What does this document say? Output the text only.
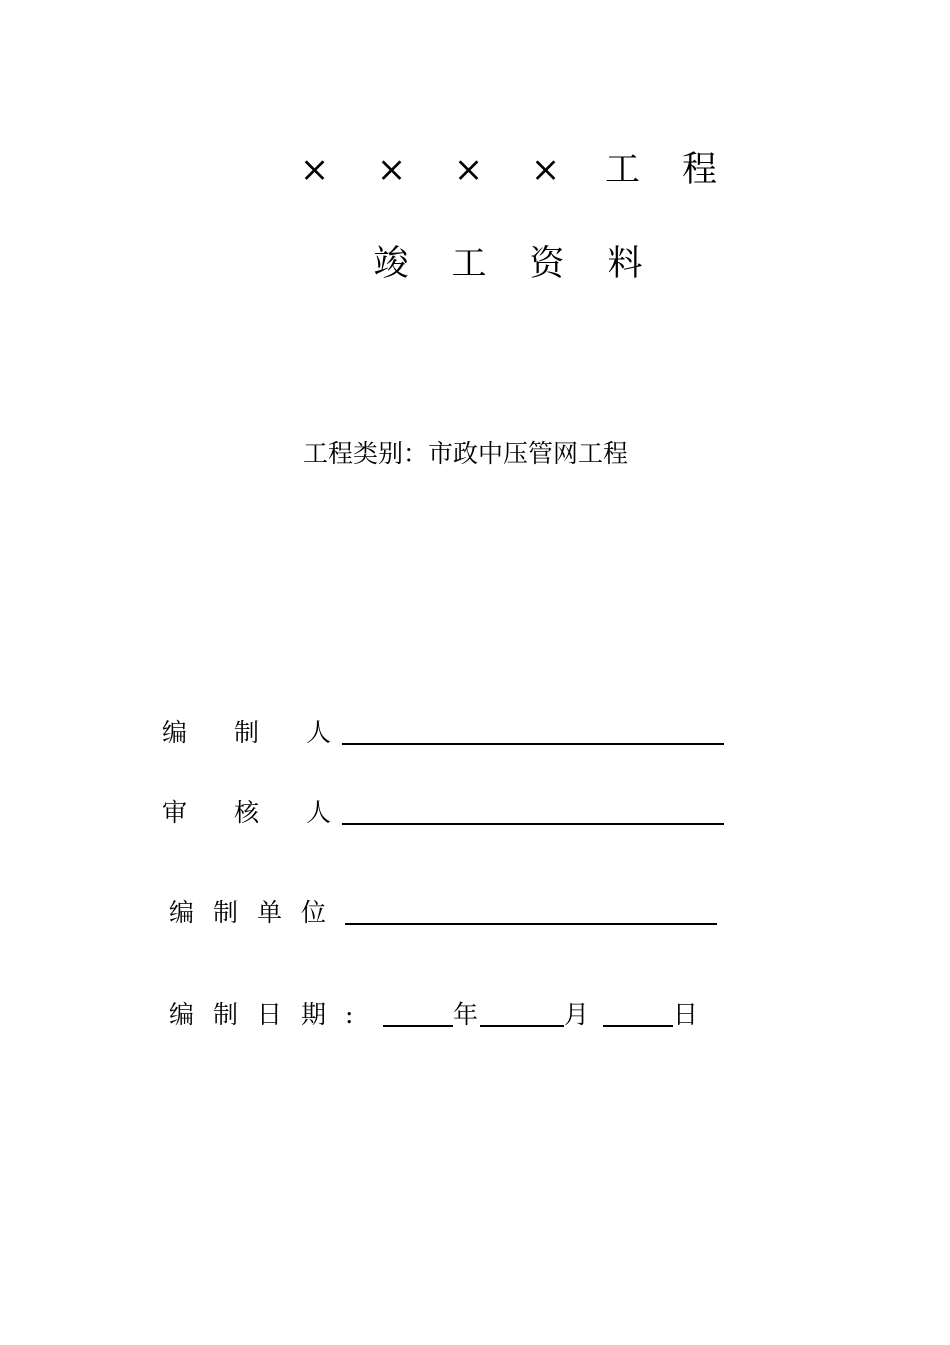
×	×	×	×	工	程
竣	工	资	料
工程类别：市政中压管网工程
编	制	人
审	核	人
编 制 单 位
编 制 日 期 :	年	月	日
